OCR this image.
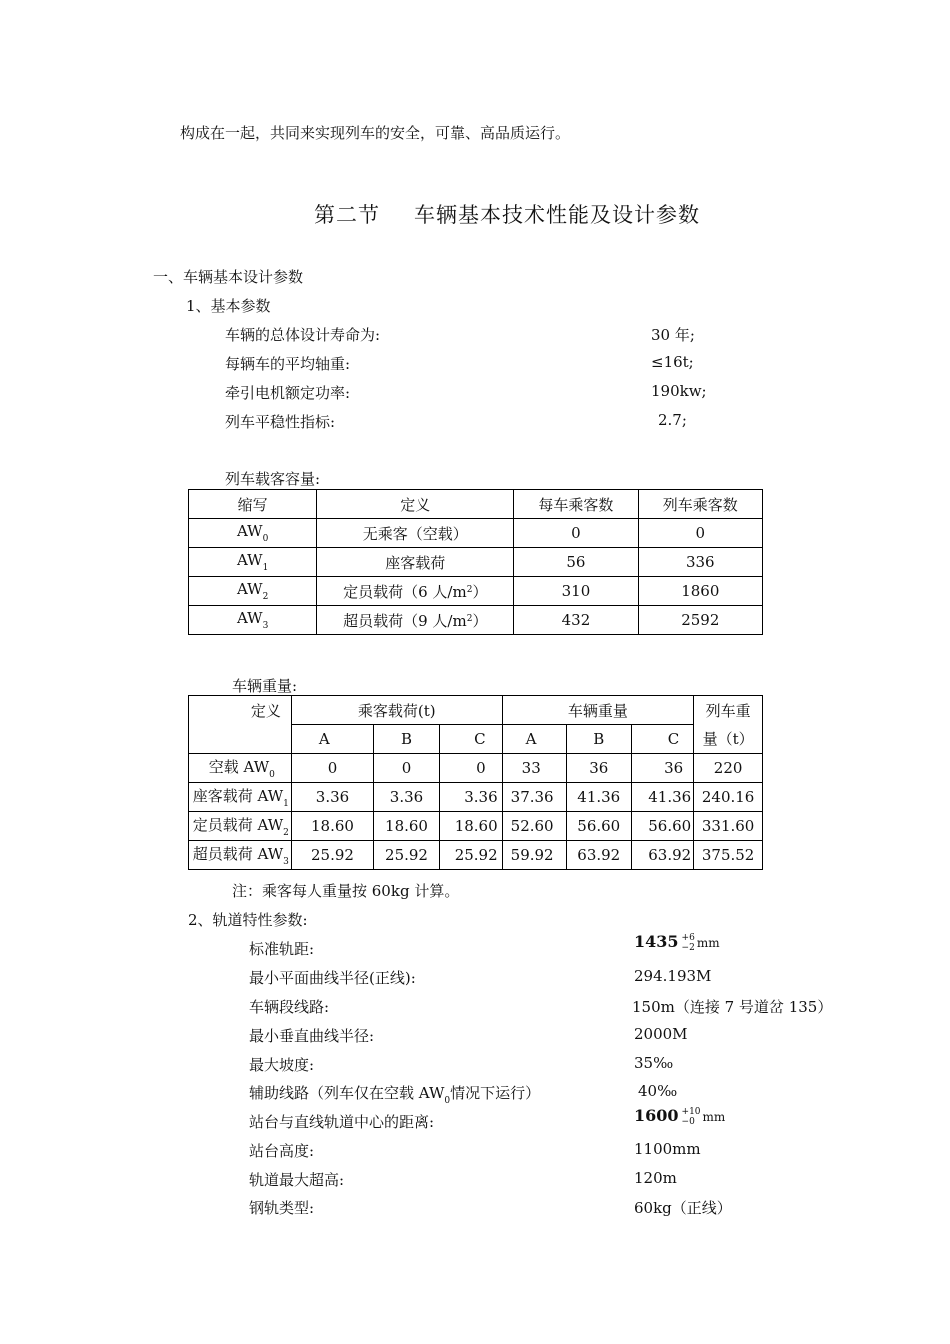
构成在一起，共同来实现列车的安全，可靠、高品质运行。
第二节 车辆基本技术性能及设计参数
一、车辆基本设计参数
1、基本参数
车辆的总体设计寿命为:	30 年;
每辆车的平均轴重:	≤16t;
牵引电机额定功率:	190kw;
列车平稳性指标:	2.7;
列车载客容量:
缩写	定义	每车乘客数	列车乘客数
$AW_0$	无乘客（空载）	0	0
$AW_1$	座客载荷	56	336
$AW_2$	定员载荷（6 人$/m^2$）	310	1860
$AW_3$	超员载荷（9 人$/m^2$）	432	2592
车辆重量:
定义	乘客载荷(t)			车辆重量			列车重
	A	B	C	A	B	C	量（t）
空载 $AW_0$	0	0	0	33	36	36	220
座客载荷 $AW_1$	3.36	3.36	3.36	37.36	41.36	41.36	240.16
定员载荷 $AW_2$	18.60	18.60	18.60	52.60	56.60	56.60	331.60
超员载荷 $AW_3$	25.92	25.92	25.92	59.92	63.92	63.92	375.52
注：乘客每人重量按 60kg 计算。
2、轨道特性参数:
标准轨距:	1435 +6
−2 mm
最小平面曲线半径(正线):	294.193M
车辆段线路:	150m（连接 7 号道岔 135）
最小垂直曲线半径:	2000M
最大坡度:	35‰
辅助线路（列车仅在空载 $AW_0$情况下运行）	40‰
站台与直线轨道中心的距离:	1600 +10
−0 mm
站台高度:	1100mm
轨道最大超高:	120m
钢轨类型:	60kg（正线）
